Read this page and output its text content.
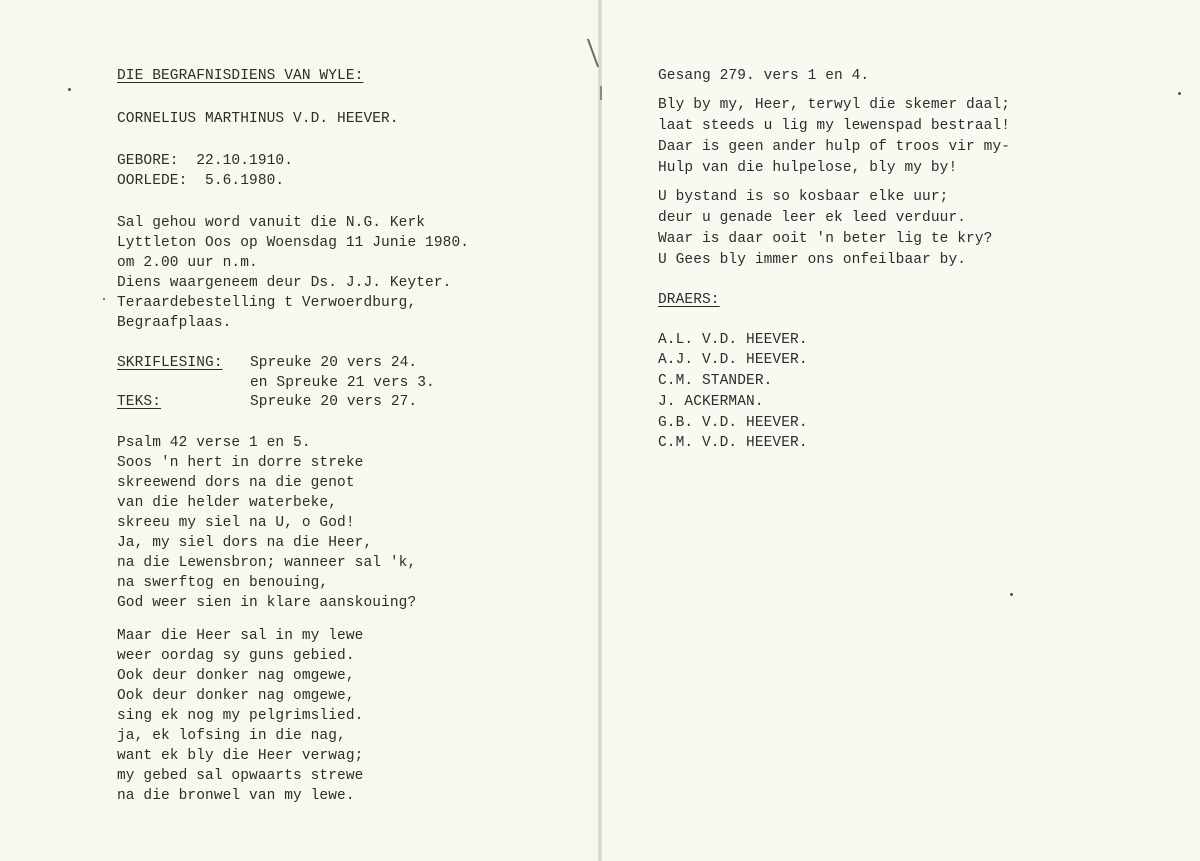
DIE BEGRAFNISDIENS VAN WYLE:

CORNELIUS MARTHINUS V.D. HEEVER.

GEBORE:  22.10.1910.

OORLEDE:  5.6.1980.

Sal gehou word vanuit die N.G. Kerk

Lyttleton Oos op Woensdag 11 Junie 1980.

om 2.00 uur n.m.

Diens waargeneem deur Ds. J.J. Keyter.

Teraardebestelling t Verwoerdburg,

Begraafplaas.

SKRIFLESING: Spreuke 20 vers 24.

en Spreuke 21 vers 3.

TEKS:	Spreuke 20 vers 27.

Psalm 42 verse 1 en 5.

Soos 'n hert in dorre streke

skreewend dors na die genot

van die helder waterbeke,

skreeu my siel na U, o God!

Ja, my siel dors na die Heer,

na die Lewensbron; wanneer sal 'k,

na swerftog en benouing,

God weer sien in klare aanskouing?

Maar die Heer sal in my lewe

weer oordag sy guns gebied.

Ook deur donker nag omgewe,

Ook deur donker nag omgewe,

sing ek nog my pelgrimslied.

ja, ek lofsing in die nag,

want ek bly die Heer verwag;

my gebed sal opwaarts strewe

na die bronwel van my lewe.

Gesang 279. vers 1 en 4.

Bly by my, Heer, terwyl die skemer daal;

laat steeds u lig my lewenspad bestraal!

Daar is geen ander hulp of troos vir my-

Hulp van die hulpelose, bly my by!

U bystand is so kosbaar elke uur;

deur u genade leer ek leed verduur.

Waar is daar ooit 'n beter lig te kry?

U Gees bly immer ons onfeilbaar by.

DRAERS:

A.L. V.D. HEEVER.

A.J. V.D. HEEVER.

C.M. STANDER.

J. ACKERMAN.

G.B. V.D. HEEVER.

C.M. V.D. HEEVER.
